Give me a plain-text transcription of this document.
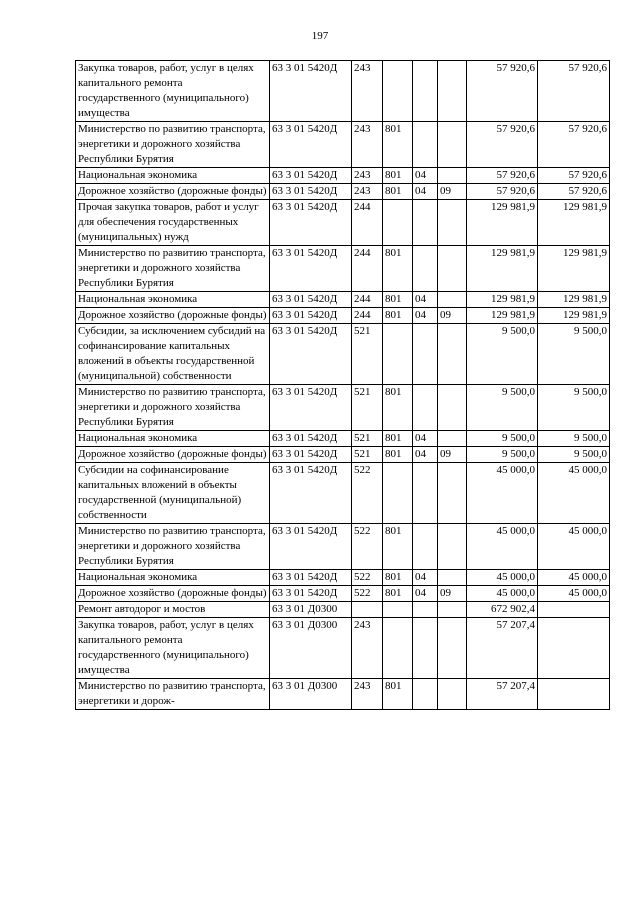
197
Закупка товаров, работ, услуг в целях капитального ремонта государственного (муниципального) имущества	63 3 01 5420Д	243				57 920,6	57 920,6
Министерство по развитию транспорта, энергетики и дорожного хозяйства Республики Бурятия	63 3 01 5420Д	243	801			57 920,6	57 920,6
Национальная экономика	63 3 01 5420Д	243	801	04		57 920,6	57 920,6
Дорожное хозяйство (дорожные фонды)	63 3 01 5420Д	243	801	04	09	57 920,6	57 920,6
Прочая закупка товаров, работ и услуг для обеспечения государственных (муниципальных) нужд	63 3 01 5420Д	244				129 981,9	129 981,9
Министерство по развитию транспорта, энергетики и дорожного хозяйства Республики Бурятия	63 3 01 5420Д	244	801			129 981,9	129 981,9
Национальная экономика	63 3 01 5420Д	244	801	04		129 981,9	129 981,9
Дорожное хозяйство (дорожные фонды)	63 3 01 5420Д	244	801	04	09	129 981,9	129 981,9
Субсидии, за исключением субсидий на софинансирование капитальных вложений в объекты государственной (муниципальной) собственности	63 3 01 5420Д	521				9 500,0	9 500,0
Министерство по развитию транспорта, энергетики и дорожного хозяйства Республики Бурятия	63 3 01 5420Д	521	801			9 500,0	9 500,0
Национальная экономика	63 3 01 5420Д	521	801	04		9 500,0	9 500,0
Дорожное хозяйство (дорожные фонды)	63 3 01 5420Д	521	801	04	09	9 500,0	9 500,0
Субсидии на софинансирование капитальных вложений в объекты государственной (муниципальной) собственности	63 3 01 5420Д	522				45 000,0	45 000,0
Министерство по развитию транспорта, энергетики и дорожного хозяйства Республики Бурятия	63 3 01 5420Д	522	801			45 000,0	45 000,0
Национальная экономика	63 3 01 5420Д	522	801	04		45 000,0	45 000,0
Дорожное хозяйство (дорожные фонды)	63 3 01 5420Д	522	801	04	09	45 000,0	45 000,0
Ремонт автодорог и мостов	63 3 01 Д0300					672 902,4	
Закупка товаров, работ, услуг в целях капитального ремонта государственного (муниципального) имущества	63 3 01 Д0300	243				57 207,4	
Министерство по развитию транспорта, энергетики и дорож-	63 3 01 Д0300	243	801			57 207,4	
